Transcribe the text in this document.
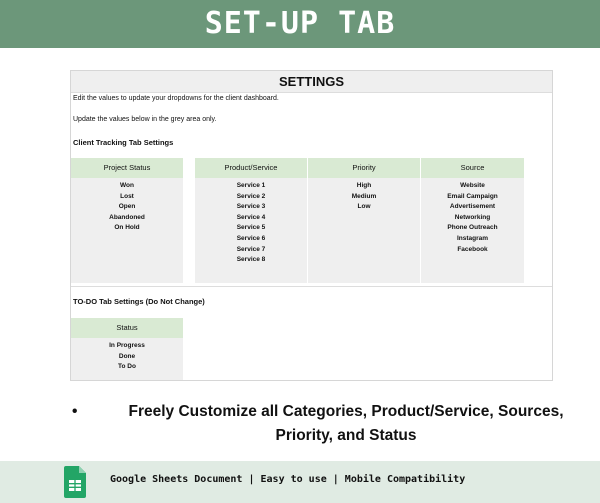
SET-UP TAB
SETTINGS
Edit the values to update your dropdowns for the client dashboard.
Update the values below in the grey area only.
Client Tracking Tab Settings
Project Status
Won
Lost
Open
Abandoned
On Hold
Product/Service
Service 1
Service 2
Service 3
Service 4
Service 5
Service 6
Service 7
Service 8
Priority
High
Medium
Low
Source
Website
Email Campaign
Advertisement
Networking
Phone Outreach
Instagram
Facebook
TO-DO Tab Settings (Do Not Change)
Status
In Progress
Done
To Do
•	Freely Customize all Categories, Product/Service, Sources, Priority, and Status
Google Sheets Document | Easy to use | Mobile Compatibility
